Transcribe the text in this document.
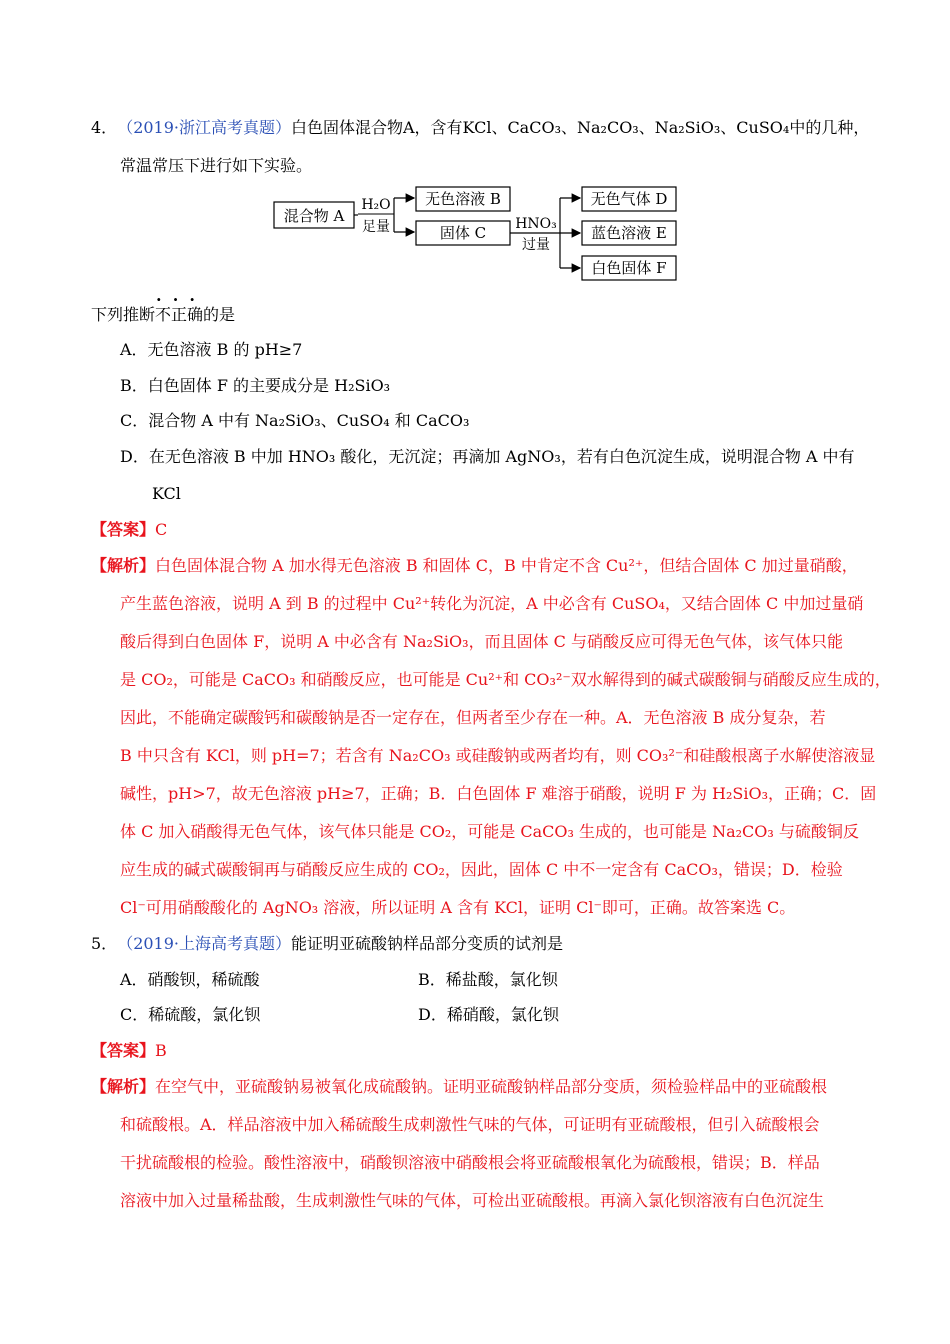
4． （2019·浙江高考真题）白色固体混合物A，含有KCl、CaCO₃、Na₂CO₃、Na₂SiO₃、CuSO₄中的几种，
常温常压下进行如下实验。
混合物 A
H₂O
足量
无色溶液 B
固体 C HNO₃
过量
无色气体 D
蓝色溶液 E
白色固体 F
·  ·  ·
下列推断不正确的是
A．无色溶液 B 的 pH≥7
B．白色固体 F 的主要成分是 H₂SiO₃
C．混合物 A 中有 Na₂SiO₃、CuSO₄ 和 CaCO₃
D．在无色溶液 B 中加 HNO₃ 酸化，无沉淀；再滴加 AgNO₃，若有白色沉淀生成，说明混合物 A 中有
KCl
【答案】C
【解析】白色固体混合物 A 加水得无色溶液 B 和固体 C，B 中肯定不含 Cu²⁺，但结合固体 C 加过量硝酸，
产生蓝色溶液，说明 A 到 B 的过程中 Cu²⁺转化为沉淀，A 中必含有 CuSO₄，又结合固体 C 中加过量硝
酸后得到白色固体 F，说明 A 中必含有 Na₂SiO₃，而且固体 C 与硝酸反应可得无色气体，该气体只能
是 CO₂，可能是 CaCO₃ 和硝酸反应，也可能是 Cu²⁺和 CO₃²⁻双水解得到的碱式碳酸铜与硝酸反应生成的，
因此，不能确定碳酸钙和碳酸钠是否一定存在，但两者至少存在一种。A．无色溶液 B 成分复杂，若
B 中只含有 KCl，则 pH=7；若含有 Na₂CO₃ 或硅酸钠或两者均有，则 CO₃²⁻和硅酸根离子水解使溶液显
碱性，pH>7，故无色溶液 pH≥7，正确；B．白色固体 F 难溶于硝酸，说明 F 为 H₂SiO₃，正确；C．固
体 C 加入硝酸得无色气体，该气体只能是 CO₂，可能是 CaCO₃ 生成的，也可能是 Na₂CO₃ 与硫酸铜反
应生成的碱式碳酸铜再与硝酸反应生成的 CO₂，因此，固体 C 中不一定含有 CaCO₃，错误；D．检验
Cl⁻可用硝酸酸化的 AgNO₃ 溶液，所以证明 A 含有 KCl，证明 Cl⁻即可，正确。故答案选 C。
5． （2019·上海高考真题）能证明亚硫酸钠样品部分变质的试剂是
A．硝酸钡，稀硫酸	B．稀盐酸，氯化钡
C．稀硫酸，氯化钡	D．稀硝酸，氯化钡
【答案】B
【解析】在空气中，亚硫酸钠易被氧化成硫酸钠。证明亚硫酸钠样品部分变质，须检验样品中的亚硫酸根
和硫酸根。A．样品溶液中加入稀硫酸生成刺激性气味的气体，可证明有亚硫酸根，但引入硫酸根会
干扰硫酸根的检验。酸性溶液中，硝酸钡溶液中硝酸根会将亚硫酸根氧化为硫酸根，错误；B．样品
溶液中加入过量稀盐酸，生成刺激性气味的气体，可检出亚硫酸根。再滴入氯化钡溶液有白色沉淀生
